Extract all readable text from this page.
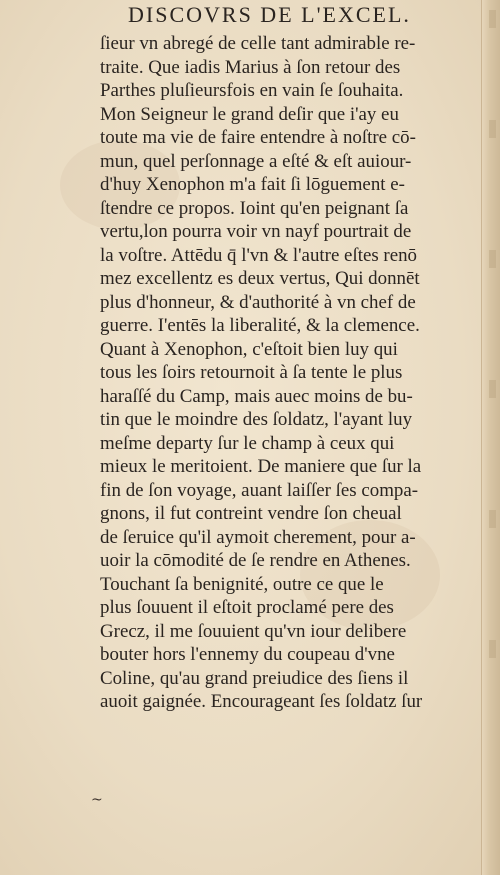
DISCOVRS DE L'EXCEL.
ſieur vn abregé de celle tant admirable re-
traite. Que iadis Marius à ſon retour des
Parthes pluſieursfois en vain ſe ſouhaita.
Mon Seigneur le grand deſir que i'ay eu
toute ma vie de faire entendre à noſtre cō-
mun, quel perſonnage a eſté & eſt auiour-
d'huy Xenophon m'a fait ſi lōguement e-
ſtendre ce propos. Ioint qu'en peignant ſa
vertu,lon pourra voir vn nayf pourtrait de
la voſtre. Attēdu q̄ l'vn & l'autre eſtes renō
mez excellentz es deux vertus, Qui donnēt
plus d'honneur, & d'authorité à vn chef de
guerre. I'entēs la liberalité, & la clemence.
Quant à Xenophon, c'eſtoit bien luy qui
tous les ſoirs retournoit à ſa tente le plus
haraſſé du Camp, mais auec moins de bu-
tin que le moindre des ſoldatz, l'ayant luy
meſme departy ſur le champ à ceux qui
mieux le meritoient. De maniere que ſur la
fin de ſon voyage, auant laiſſer ſes compa-
gnons, il fut contreint vendre ſon cheual
de ſeruice qu'il aymoit cherement, pour a-
uoir la cōmodité de ſe rendre en Athenes.
Touchant ſa benignité, outre ce que le
plus ſouuent il eſtoit proclamé pere des
Grecz, il me ſouuient qu'vn iour delibere
bouter hors l'ennemy du coupeau d'vne
Coline, qu'au grand preiudice des ſiens il
auoit gaignée. Encourageant ſes ſoldatz ſur
~
